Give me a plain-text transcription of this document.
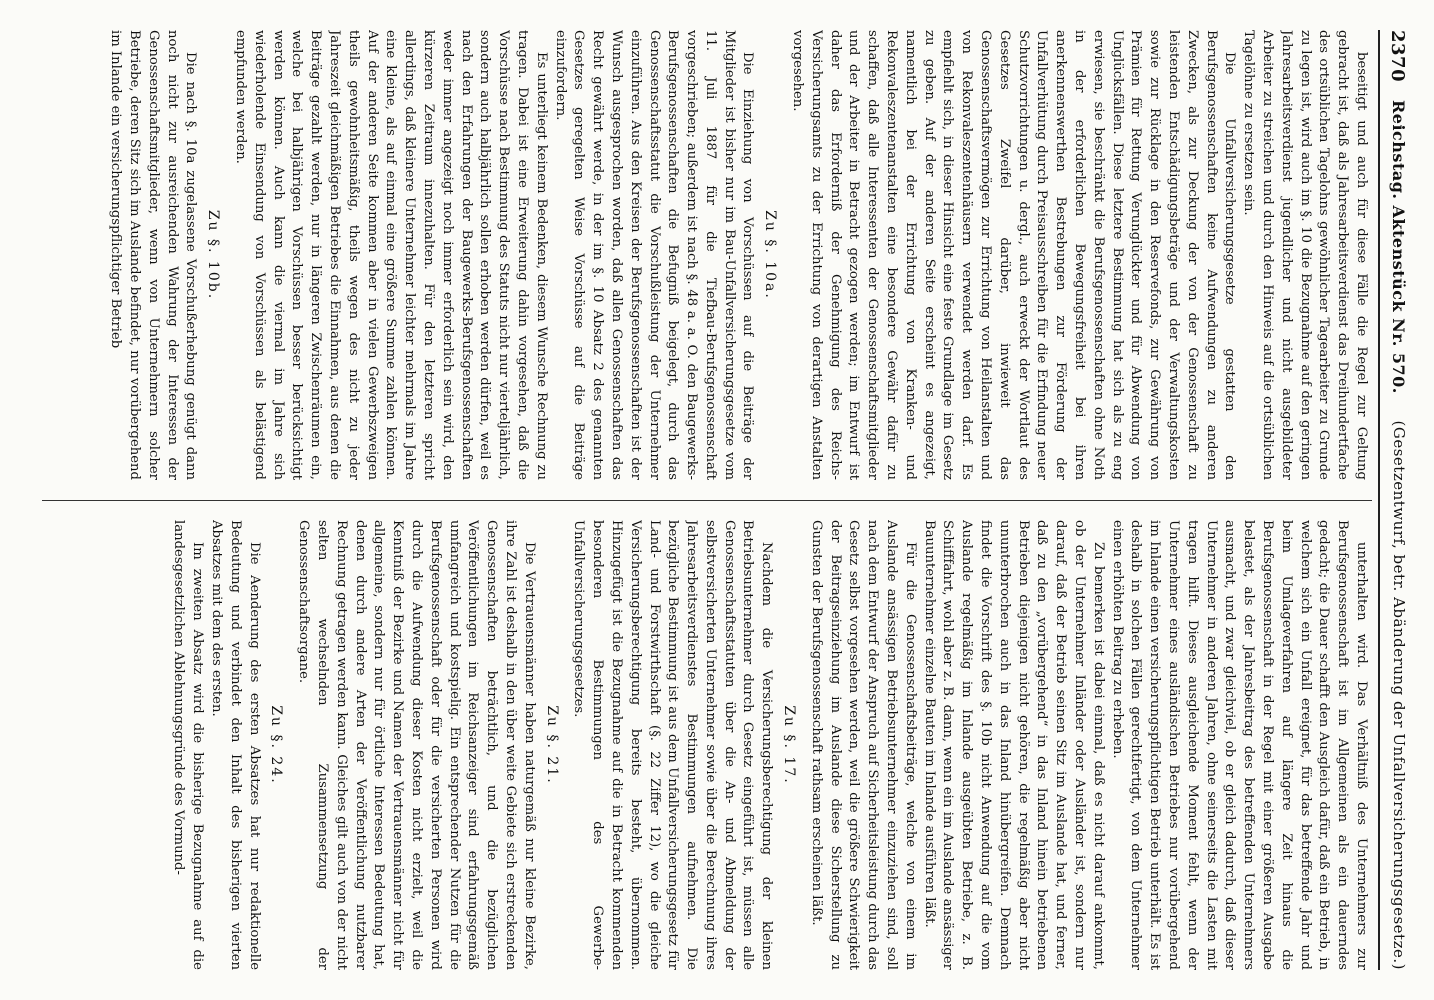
2370
Reichstag. Aktenstück Nr. 570.
(Gesetzentwurf, betr. Abänderung der Unfallversicherungsgesetze.)

beseitigt und auch für diese Fälle die Regel zur Geltung gebracht ist, daß als Jahresarbeitsverdienst das Dreihundertfache des ortsüblichen Tagelohns gewöhnlicher Tagearbeiter zu Grunde zu legen ist, wird auch im §. 10 die Bezugnahme auf den geringen Jahresarbeitsverdienst jugendlicher und nicht ausgebildeter Arbeiter zu streichen und durch den Hinweis auf die ortsüblichen Tagelöhne zu ersetzen sein.

Die Unfallversicherungsgesetze gestatten den Berufsgenossenschaften keine Aufwendungen zu anderen Zwecken, als zur Deckung der von der Genossenschaft zu leistenden Entschädigungsbeträge und der Verwaltungskosten sowie zur Rücklage in den Reservefonds, zur Gewährung von Prämien für Rettung Verunglückter und für Abwendung von Unglücksfällen. Diese letztere Bestimmung hat sich als zu eng erwiesen, sie beschränkt die Berufsgenossenschaften ohne Noth in der erforderlichen Bewegungsfreiheit bei ihren anerkennenswerthen Bestrebungen zur Förderung der Unfallverhütung durch Preisausschreiben für die Erfindung neuer Schutzvorrichtungen u. dergl., auch erweckt der Wortlaut des Gesetzes Zweifel darüber, inwieweit das Genossenschaftsvermögen zur Errichtung von Heilanstalten und von Rekonvaleszentenhäusern verwendet werden darf. Es empfiehlt sich, in dieser Hinsicht eine feste Grundlage im Gesetz zu geben. Auf der anderen Seite erscheint es angezeigt, namentlich bei der Errichtung von Kranken- und Rekonvaleszentenanstalten eine besondere Gewähr dafür zu schaffen, daß alle Interessenten der Genossenschaftsmitglieder und der Arbeiter in Betracht gezogen werden; im Entwurf ist daher das Erforderniß der Genehmigung des Reichs-Versicherungsamts zu der Errichtung von derartigen Anstalten vorgesehen.

Zu §. 10a.

Die Einziehung von Vorschüssen auf die Beiträge der Mitglieder ist bisher nur im Bau-Unfallversicherungsgesetze vom 11. Juli 1887 für die Tiefbau-Berufsgenossenschaft vorgeschrieben; außerdem ist nach §. 48 a. a. O. den Baugewerks-Berufsgenossenschaften die Befugniß beigelegt, durch das Genossenschaftsstatut die Vorschußleistung der Unternehmer einzuführen. Aus den Kreisen der Berufsgenossenschaften ist der Wunsch ausgesprochen worden, daß allen Genossenschaften das Recht gewährt werde, in der im §. 10 Absatz 2 des genannten Gesetzes geregelten Weise Vorschüsse auf die Beiträge einzufordern.

Es unterliegt keinem Bedenken, diesem Wunsche Rechnung zu tragen. Dabei ist eine Erweiterung dahin vorgesehen, daß die Vorschüsse nach Bestimmung des Statuts nicht nur vierteljährlich, sondern auch halbjährlich sollen erhoben werden dürfen, weil es nach den Erfahrungen der Baugewerks-Berufsgenossenschaften weder immer angezeigt noch immer erforderlich sein wird, den kürzeren Zeitraum innezuhalten. Für den letzteren spricht allerdings, daß kleinere Unternehmer leichter mehrmals im Jahre eine kleine, als auf einmal eine größere Summe zahlen können. Auf der anderen Seite kommen aber in vielen Gewerbszweigen theils gewohnheitsmäßig, theils wegen des nicht zu jeder Jahreszeit gleichmäßigen Betriebes die Einnahmen, aus denen die Beiträge gezahlt werden, nur in längeren Zwischenräumen ein, welche bei halbjährigen Vorschüssen besser berücksichtigt werden können. Auch kann die viermal im Jahre sich wiederholende Einsendung von Vorschüssen als belästigend empfunden werden.

Zu §. 10b.

Die nach §. 10a zugelassene Vorschußerhebung genügt dann noch nicht zur ausreichenden Wahrung der Interessen der Genossenschaftsmitglieder, wenn von Unternehmern solcher Betriebe, deren Sitz sich im Auslande befindet, nur vorübergehend im Inlande ein versicherungspflichtiger Betrieb

unterhalten wird. Das Verhältniß des Unternehmers zur Berufsgenossenschaft ist im Allgemeinen als ein dauerndes gedacht; die Dauer schafft den Ausgleich dafür, daß ein Betrieb, in welchem sich ein Unfall ereignet, für das betreffende Jahr und beim Umlageverfahren auf längere Zeit hinaus die Berufsgenossenschaft in der Regel mit einer größeren Ausgabe belastet, als der Jahresbeitrag des betreffenden Unternehmers ausmacht, und zwar gleichviel, ob er gleich dadurch, daß dieser Unternehmer in anderen Jahren, ohne seinerseits die Lasten mit tragen hilft. Dieses ausgleichende Moment fehlt, wenn der Unternehmer eines ausländischen Betriebes nur vorübergehend im Inlande einen versicherungspflichtigen Betrieb unterhält. Es ist deshalb in solchen Fällen gerechtfertigt, von dem Unternehmer einen erhöhten Beitrag zu erheben.

Zu bemerken ist dabei einmal, daß es nicht darauf ankommt, ob der Unternehmer Inländer oder Ausländer ist, sondern nur darauf, daß der Betrieb seinen Sitz im Auslande hat, und ferner, daß zu den „vorübergehend“ in das Inland hinein betriebenen Betrieben diejenigen nicht gehören, die regelmäßig aber nicht ununterbrochen auch in das Inland hinübergreifen. Demnach findet die Vorschrift des §. 10b nicht Anwendung auf die vom Auslande regelmäßig im Inlande ausgeübten Betriebe, z. B. Schifffahrt, wohl aber z. B. dann, wenn ein im Auslande ansässiger Bauunternehmer einzelne Bauten im Inlande ausführen läßt.

Für die Genossenschaftsbeiträge, welche von einem im Auslande ansässigen Betriebsunternehmer einzuziehen sind, soll nach dem Entwurf der Anspruch auf Sicherheitsleistung durch das Gesetz selbst vorgesehen werden, weil die größere Schwierigkeit der Beitragseinziehung im Auslande diese Sicherstellung zu Gunsten der Berufsgenossenschaft rathsam erscheinen läßt.

Zu §. 17.

Nachdem die Versicherungsberechtigung der kleinen Betriebsunternehmer durch Gesetz eingeführt ist, müssen alle Genossenschaftsstatuten über die An- und Abmeldung der selbstversicherten Unternehmer sowie über die Berechnung ihres Jahresarbeitsverdienstes Bestimmungen aufnehmen. Die bezügliche Bestimmung ist aus dem Unfallversicherungsgesetz für Land- und Forstwirthschaft (§. 22 Ziffer 12), wo die gleiche Versicherungsberechtigung bereits besteht, übernommen. Hinzugefügt ist die Bezugnahme auf die in Betracht kommenden besonderen Bestimmungen des Gewerbe-Unfallversicherungsgesetzes.

Zu §. 21.

Die Vertrauensmänner haben naturgemäß nur kleine Bezirke, ihre Zahl ist deshalb in den über weite Gebiete sich erstreckenden Genossenschaften beträchtlich, und die bezüglichen Veröffentlichungen im Reichsanzeiger sind erfahrungsgemäß umfangreich und kostspielig. Ein entsprechender Nutzen für die Berufsgenossenschaft oder für die versicherten Personen wird durch die Aufwendung dieser Kosten nicht erzielt, weil die Kenntniß der Bezirke und Namen der Vertrauensmänner nicht für allgemeine, sondern nur für örtliche Interessen Bedeutung hat, denen durch andere Arten der Veröffentlichung nutzbarer Rechnung getragen werden kann. Gleiches gilt auch von der nicht selten wechselnden Zusammensetzung der Genossenschaftsorgane.

Zu §. 24.

Die Aenderung des ersten Absatzes hat nur redaktionelle Bedeutung und verbindet den Inhalt des bisherigen vierten Absatzes mit dem des ersten.

Im zweiten Absatz wird die bisherige Bezugnahme auf die landesgesetzlichen Ablehnungsgründe des Vormund-
